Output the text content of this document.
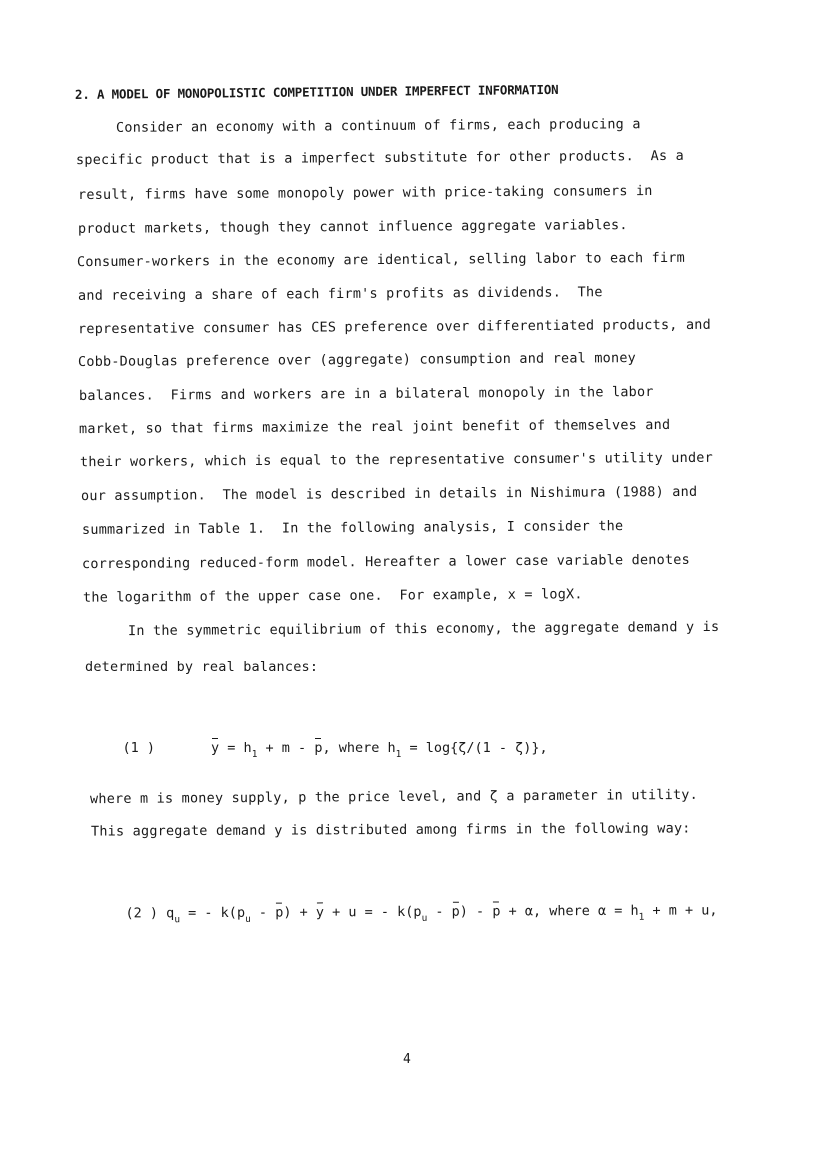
2. A MODEL OF MONOPOLISTIC COMPETITION UNDER IMPERFECT INFORMATION
Consider an economy with a continuum of firms, each producing a
specific product that is a imperfect substitute for other products.  As a
result, firms have some monopoly power with price-taking consumers in
product markets, though they cannot influence aggregate variables.
Consumer-workers in the economy are identical, selling labor to each firm
and receiving a share of each firm's profits as dividends.  The
representative consumer has CES preference over differentiated products, and
Cobb-Douglas preference over (aggregate) consumption and real money
balances.  Firms and workers are in a bilateral monopoly in the labor
market, so that firms maximize the real joint benefit of themselves and
their workers, which is equal to the representative consumer's utility under
our assumption.  The model is described in details in Nishimura (1988) and
summarized in Table 1.  In the following analysis, I consider the
corresponding reduced-form model. Hereafter a lower case variable denotes
the logarithm of the upper case one.  For example, x = logX.
In the symmetric equilibrium of this economy, the aggregate demand y is
determined by real balances:

(1 )	$y = h_1 + m - p$, where $h_1 = \log\{\zeta/(1 - \zeta)\}$,

where m is money supply, p the price level, and ζ a parameter in utility.
This aggregate demand y is distributed among firms in the following way:

(2 ) $q_u$ = - $k(p_u - p) + y + u$ = - $k(p_u - p) - p + \alpha$, where $\alpha = h_1 + m + u$,

4
